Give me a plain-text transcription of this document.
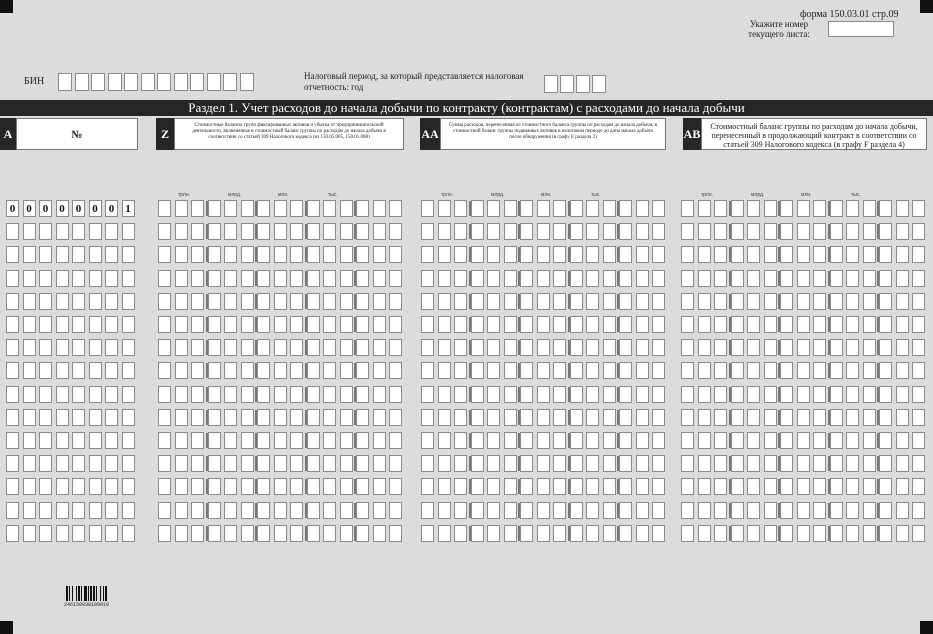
форма 150.03.01 стр.09
Укажите номер текущего листа:
БИН	Налоговый период, за который представляется налоговая отчетность: год
Раздел 1. Учет расходов до начала добычи по контракту (контрактам) с расходами до начала добычи
A	№	Z
Стоимостные балансы групп фиксированных активов и убытка от предпринимательской деятельности, включенные в стоимостный баланс группы по расходам до начала добычи в соответствии со статьей 309 Налогового кодекса (из 150.05.005, 150.01.008)	AA
Сумма расходов, перенесенная из стоимостного баланса группы по расходам до начала добычи, в стоимостной баланс группы подвижных активов в налоговом периоде до даты начала добычи после обнаружения (в графу E раздела 2)	AB
Стоимостный баланс группы по расходам до начала добычи, перенесенный в продолжающий контракт в соответствии со статьей 309 Налогового кодекса (в графу F раздела 4)
трлн.	млрд.	млн.	тыс.	трлн.	млрд.	млн.	тыс.	трлн.	млрд.	млн.	тыс.
0	0	0	0	0	0	0	1
24615003010901​9
